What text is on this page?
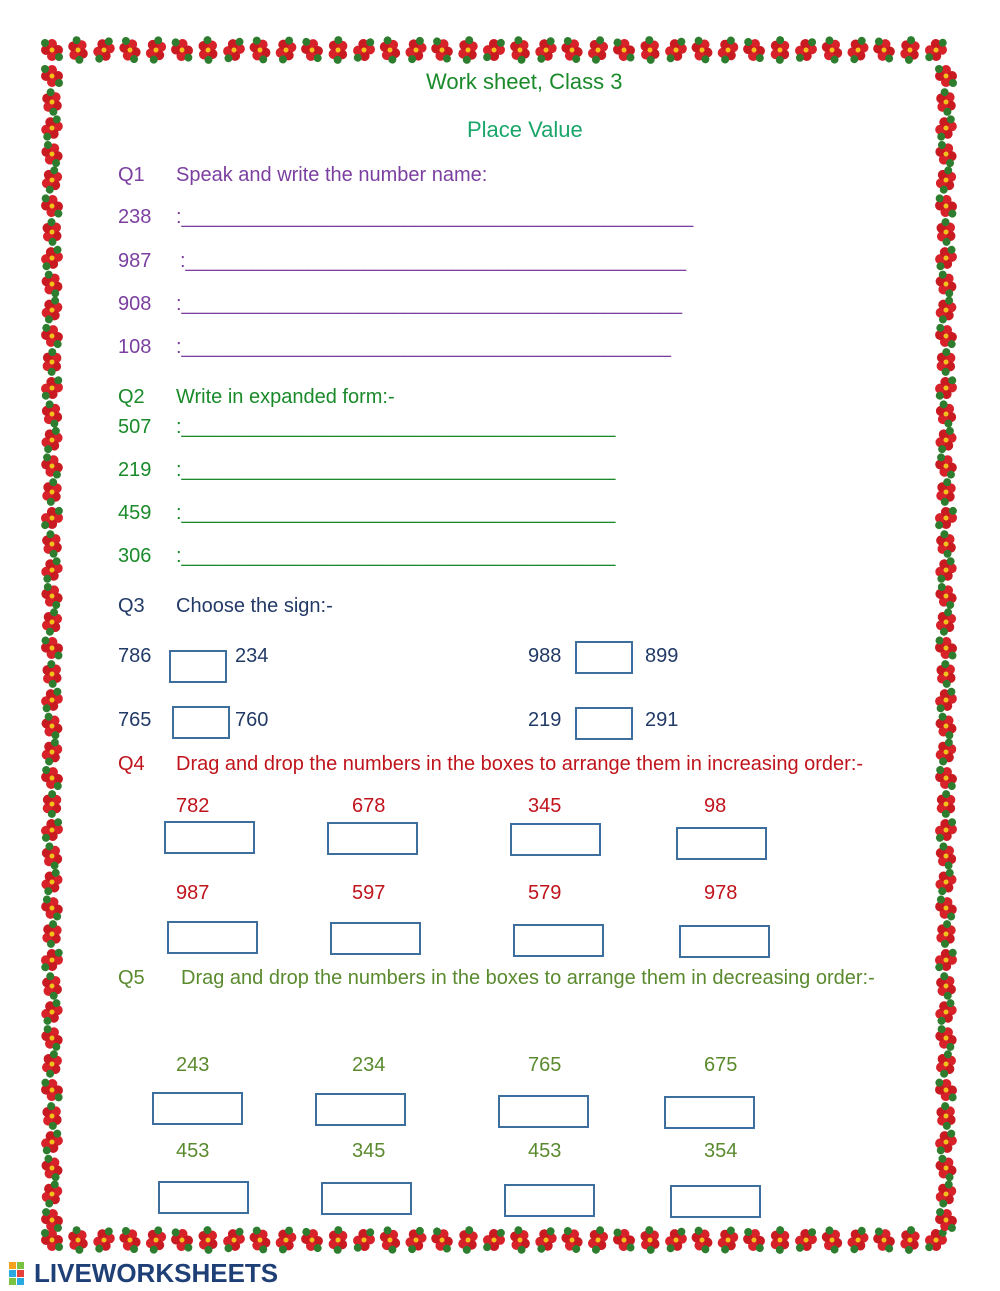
Work sheet, Class 3
Place Value
Q1 Speak and write the number name:
238 :______________________________________________
987 :_____________________________________________
908 :_____________________________________________
108 :____________________________________________
Q2 Write in expanded form:-
507 :_______________________________________
219 :_______________________________________
459 :_______________________________________
306 :_______________________________________
Q3 Choose the sign:-
786	234	988	899
765	760	219	291
Q4 Drag and drop the numbers in the boxes to arrange them in increasing order:-
782	678	345	98
987	597	579	978
Q5 Drag and drop the numbers in the boxes to arrange them in decreasing order:-
243	234	765	675
453	345	453	354
LIVEWORKSHEETS
